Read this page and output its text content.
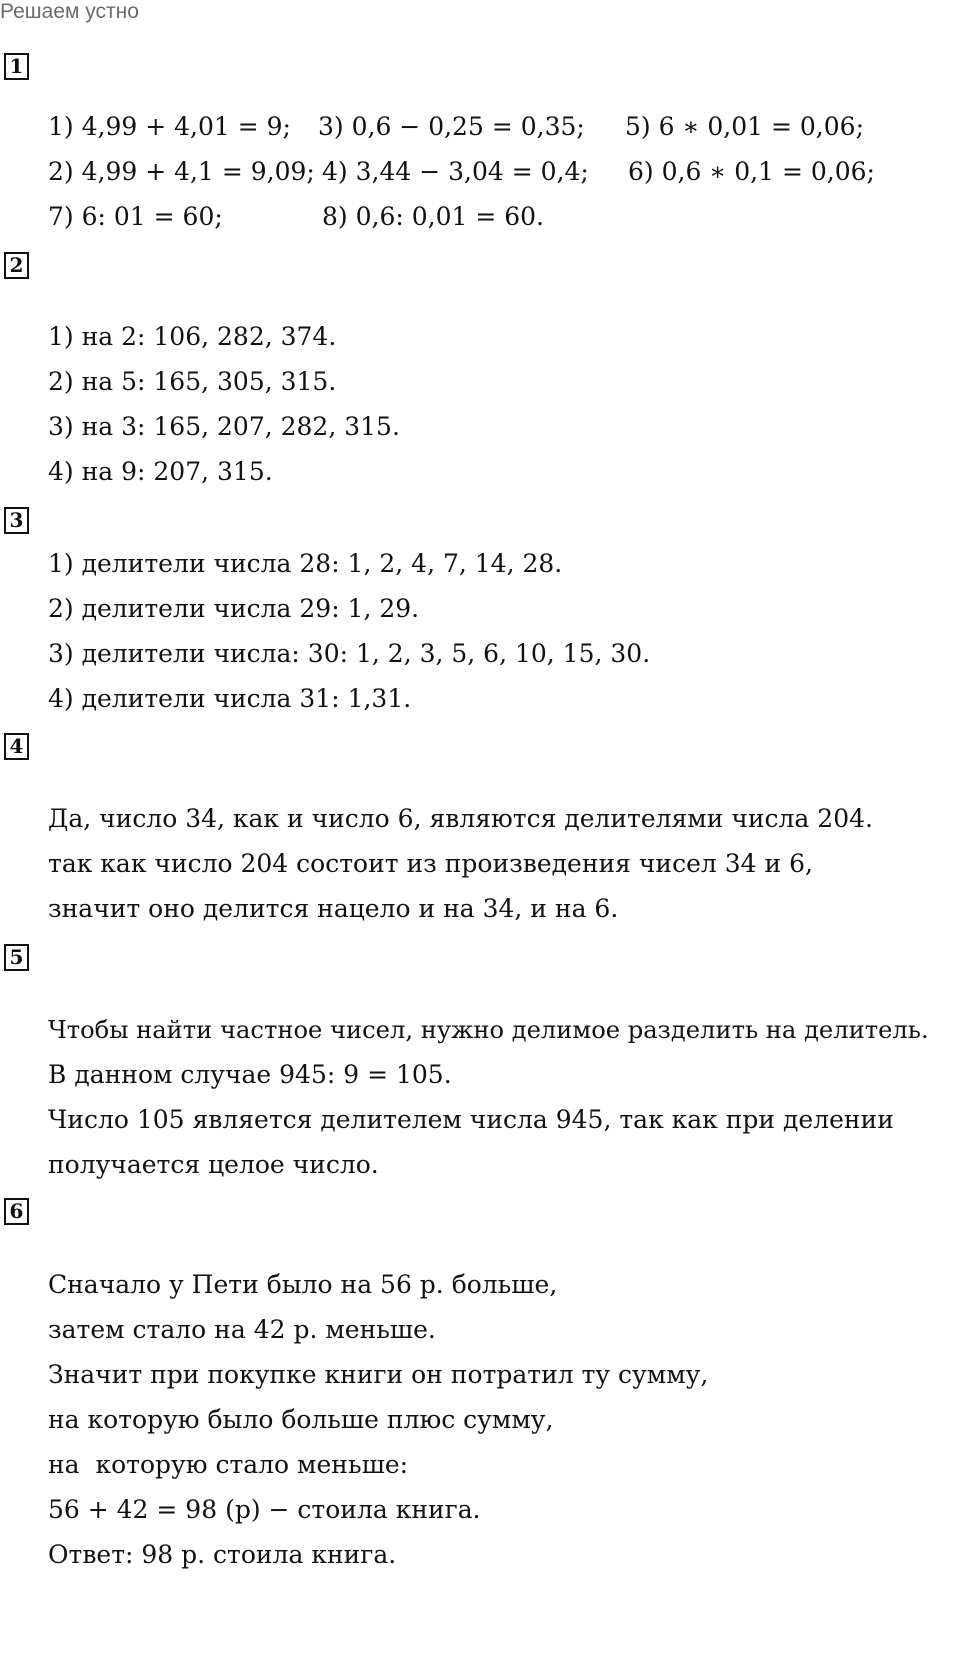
Решаем устно
1
1) 4,99 + 4,01 = 9; 3) 0,6 − 0,25 = 0,35; 5) 6 ∗ 0,01 = 0,06;
2) 4,99 + 4,1 = 9,09; 4) 3,44 − 3,04 = 0,4; 6) 0,6 ∗ 0,1 = 0,06;
7) 6: 01 = 60;	8) 0,6: 0,01 = 60.
2
1) на 2: 106, 282, 374.
2) на 5: 165, 305, 315.
3) на 3: 165, 207, 282, 315.
4) на 9: 207, 315.
3
1) делители числа 28: 1, 2, 4, 7, 14, 28.
2) делители числа 29: 1, 29.
3) делители числа: 30: 1, 2, 3, 5, 6, 10, 15, 30.
4) делители числа 31: 1,31.
4
Да, число 34, как и число 6, являются делителями числа 204.
так как число 204 состоит из произведения чисел 34 и 6,
значит оно делится нацело и на 34, и на 6.
5
Чтобы найти частное чисел, нужно делимое разделить на делитель.
В данном случае 945: 9 = 105.
Число 105 является делителем числа 945, так как при делении
получается целое число.
6
Сначало у Пети было на 56 р. больше,
затем стало на 42 р. меньше.
Значит при покупке книги он потратил ту сумму,
на которую было больше плюс сумму,
на  которую стало меньше:
56 + 42 = 98 (р) − стоила книга.
Ответ: 98 р. стоила книга.
